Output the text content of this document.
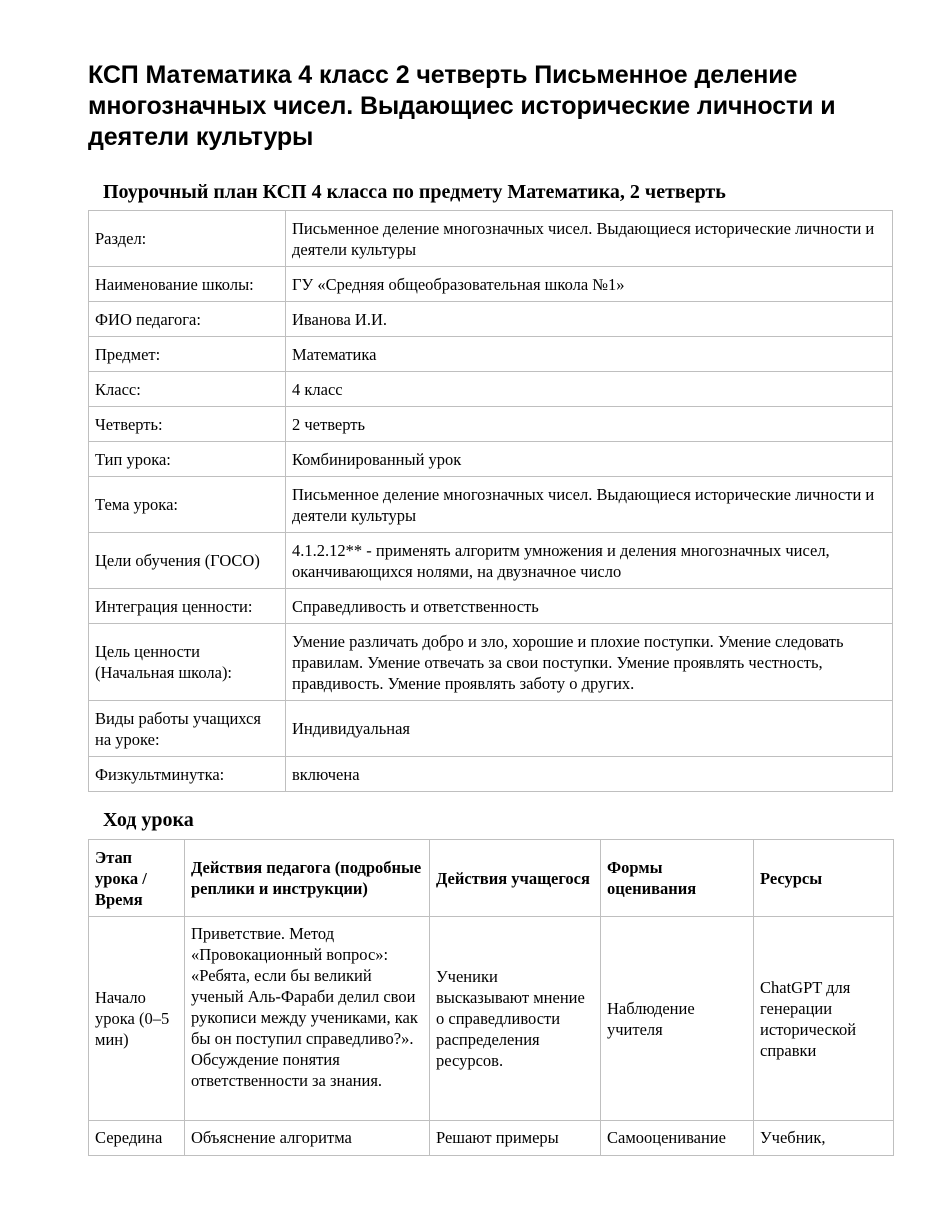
КСП Математика 4 класс 2 четверть Письменное деление многозначных чисел. Выдающиес исторические личности и деятели культуры
Поурочный план КСП 4 класса по предмету Математика, 2 четверть
Раздел:	Письменное деление многозначных чисел. Выдающиеся исторические личности и деятели культуры
Наименование школы:	ГУ «Средняя общеобразовательная школа №1»
ФИО педагога:	Иванова И.И.
Предмет:	Математика
Класс:	4 класс
Четверть:	2 четверть
Тип урока:	Комбинированный урок
Тема урока:	Письменное деление многозначных чисел. Выдающиеся исторические личности и деятели культуры
Цели обучения (ГОСО)	4.1.2.12** - применять алгоритм умножения и деления многозначных чисел, оканчивающихся нолями, на двузначное число
Интеграция ценности:	Справедливость и ответственность
Цель ценности (Начальная школа):	Умение различать добро и зло, хорошие и плохие поступки. Умение следовать правилам. Умение отвечать за свои поступки. Умение проявлять честность, правдивость. Умение проявлять заботу о других.
Виды работы учащихся на уроке:	Индивидуальная
Физкультминутка:	включена
Ход урока
Этап урока / Время	Действия педагога (подробные реплики и инструкции)	Действия учащегося	Формы оценивания	Ресурсы
Начало урока (0–5 мин)	Приветствие. Метод «Провокационный вопрос»: «Ребята, если бы великий ученый Аль-Фараби делил свои рукописи между учениками, как бы он поступил справедливо?». Обсуждение понятия ответственности за знания.	Ученики высказывают мнение о справедливости распределения ресурсов.	Наблюдение учителя	ChatGPT для генерации исторической справки
Середина	Объяснение алгоритма	Решают примеры	Самооценивание	Учебник,
